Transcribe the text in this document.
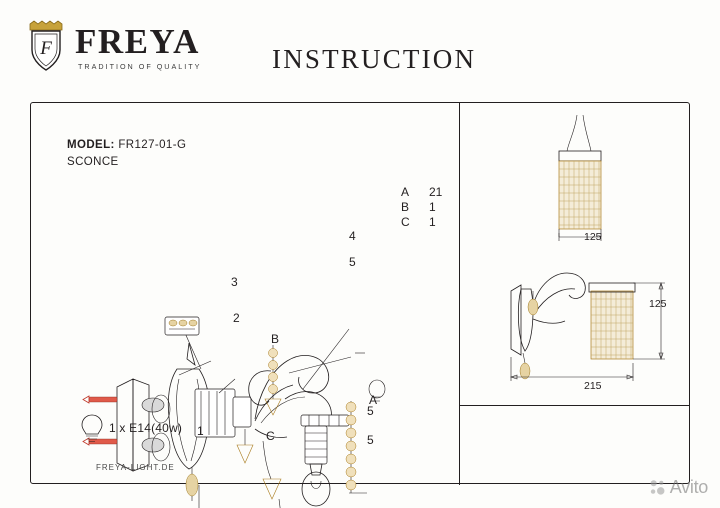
F FREYA
TRADITION OF QUALITY	INSTRUCTION
MODEL: FR127-01-G
SCONCE
A	21
B	1
C	1
4
5
5
5
3
2
1
A
B
C
125
215
125
1 x E14(40w)
FREYA-LIGHT.DE
Avito
